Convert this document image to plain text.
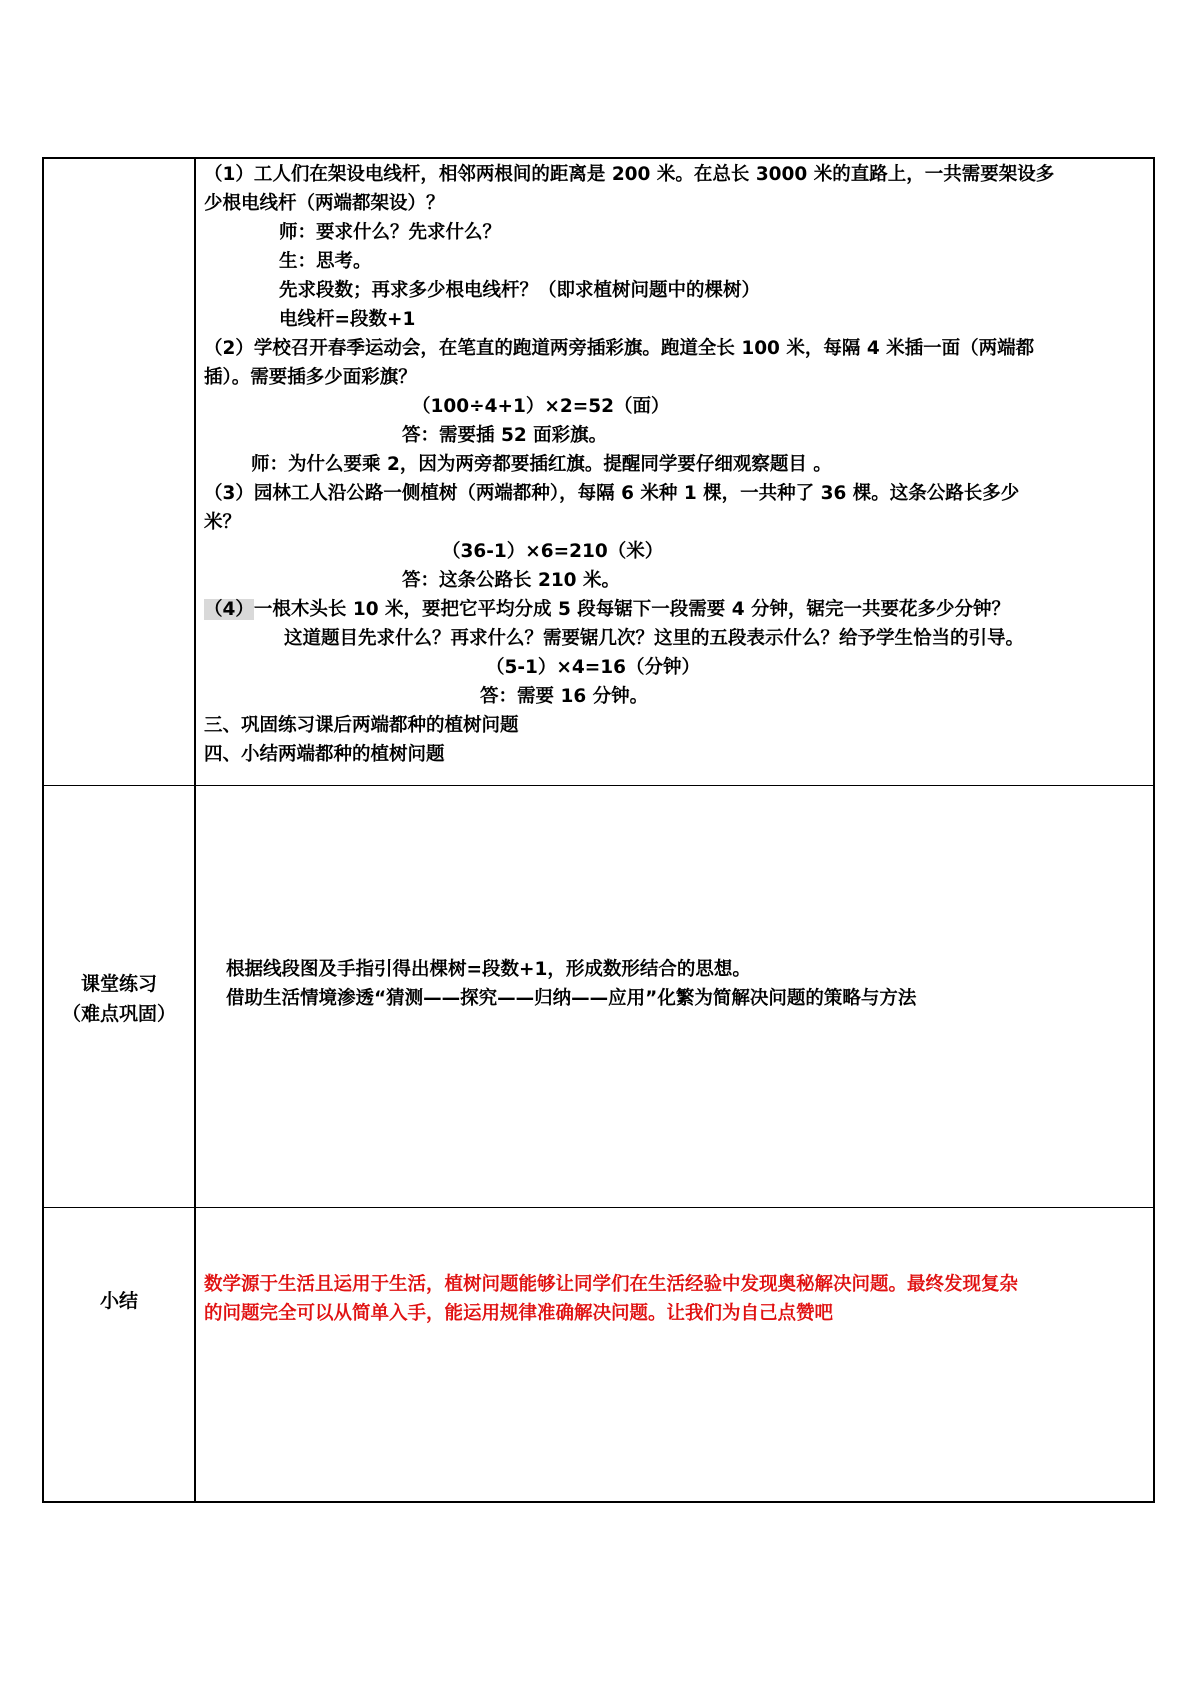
（1）工人们在架设电线杆，相邻两根间的距离是 200 米。在总长 3000 米的直路上，一共需要架设多
少根电线杆（两端都架设）？
师：要求什么？先求什么？
生：思考。
先求段数；再求多少根电线杆？（即求植树问题中的棵树）
电线杆=段数+1
（2）学校召开春季运动会，在笔直的跑道两旁插彩旗。跑道全长 100 米，每隔 4 米插一面（两端都
插）。需要插多少面彩旗？
（100÷4+1）×2=52（面）
答：需要插 52 面彩旗。
师：为什么要乘 2，因为两旁都要插红旗。提醒同学要仔细观察题目 。
（3）园林工人沿公路一侧植树（两端都种），每隔 6 米种 1 棵，一共种了 36 棵。这条公路长多少
米？
（36-1）×6=210（米）
答：这条公路长 210 米。
（4）一根木头长 10 米，要把它平均分成 5 段每锯下一段需要 4 分钟，锯完一共要花多少分钟？
这道题目先求什么？再求什么？需要锯几次？这里的五段表示什么？给予学生恰当的引导。
（5-1）×4=16（分钟）
答：需要 16 分钟。
三、巩固练习课后两端都种的植树问题
四、小结两端都种的植树问题
课堂练习
（难点巩固）
根据线段图及手指引得出棵树=段数+1，形成数形结合的思想。
借助生活情境渗透“猜测——探究——归纳——应用”化繁为简解决问题的策略与方法
小结
数学源于生活且运用于生活，植树问题能够让同学们在生活经验中发现奥秘解决问题。最终发现复杂
的问题完全可以从简单入手，能运用规律准确解决问题。让我们为自己点赞吧
